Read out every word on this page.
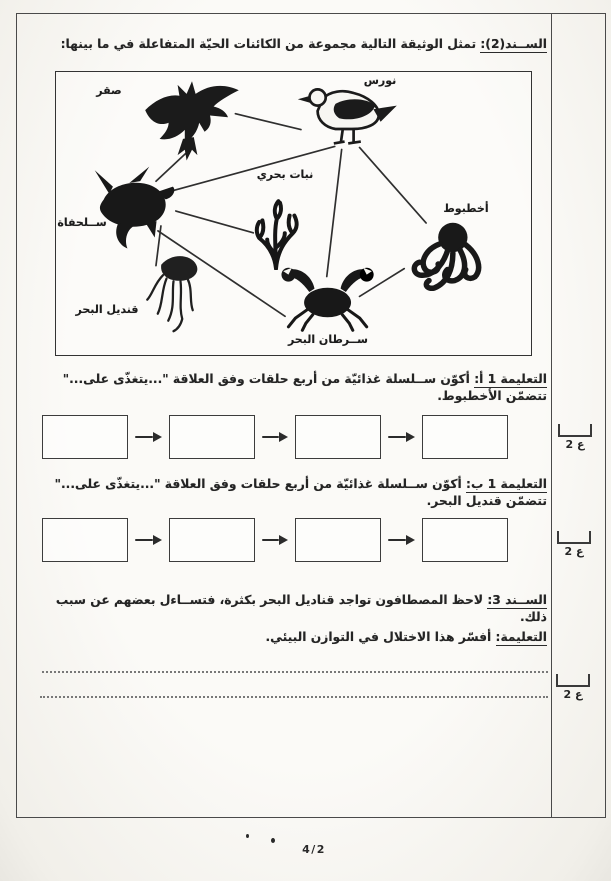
الســند(2): تمثل الوثيقة التالية مجموعة من الكائنات الحيّة المتفاعلة في ما بينها:
صقر
نورس
نبات بحري
ســلحفاة
أخطبوط
قنديل البحر
ســرطان البحر
التعليمة 1 أ: أكوّن ســلسلة غذائيّة من أربع حلقات وفق العلاقة "...يتغذّى على..." تتضمّن الأخطبوط.
التعليمة 1 ب: أكوّن ســلسلة غذائيّة من أربع حلقات وفق العلاقة "...يتغذّى على..." تتضمّن قنديل البحر.
الســند 3: لاحظ المصطافون تواجد قناديل البحر بكثرة، فتســاءل بعضهم عن سبب ذلك.
التعليمة: أفسّر هذا الاختلال في التوازن البيئي.
ع 2
ع 2
ع 2
4/2
